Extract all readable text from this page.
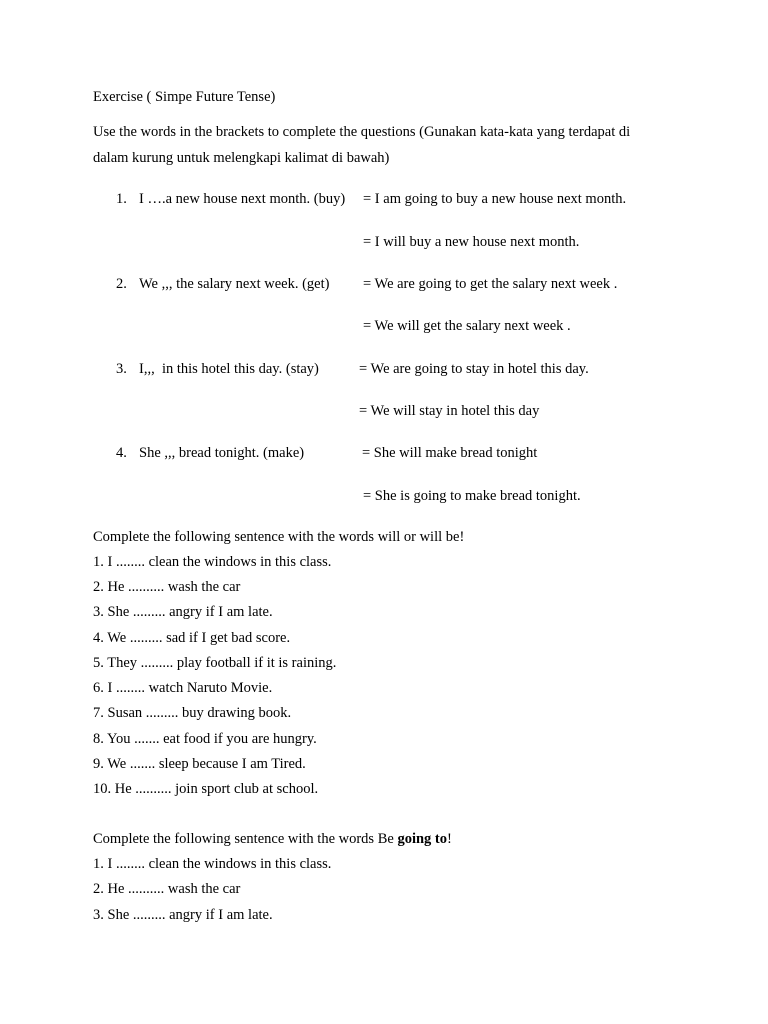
Exercise ( Simpe Future Tense)
Use the words in the brackets to complete the questions (Gunakan kata-kata yang terdapat di
dalam kurung untuk melengkapi kalimat di bawah)
1. I ….a new house next month. (buy) = I am going to buy a new house next month.
= I will buy a new house next month.
2. We ,,, the salary next week. (get) = We are going to get the salary next week .
= We will get the salary next week .
3. I,,,  in this hotel this day. (stay)	= We are going to stay in hotel this day.
= We will stay in hotel this day
4. She ,,, bread tonight. (make)	= She will make bread tonight
= She is going to make bread tonight.
Complete the following sentence with the words will or will be!
1. I ........ clean the windows in this class.
2. He .......... wash the car
3. She ......... angry if I am late.
4. We ......... sad if I get bad score.
5. They ......... play football if it is raining.
6. I ........ watch Naruto Movie.
7. Susan ......... buy drawing book.
8. You ....... eat food if you are hungry.
9. We ....... sleep because I am Tired.
10. He .......... join sport club at school.
Complete the following sentence with the words Be going to!
1. I ........ clean the windows in this class.
2. He .......... wash the car
3. She ......... angry if I am late.
